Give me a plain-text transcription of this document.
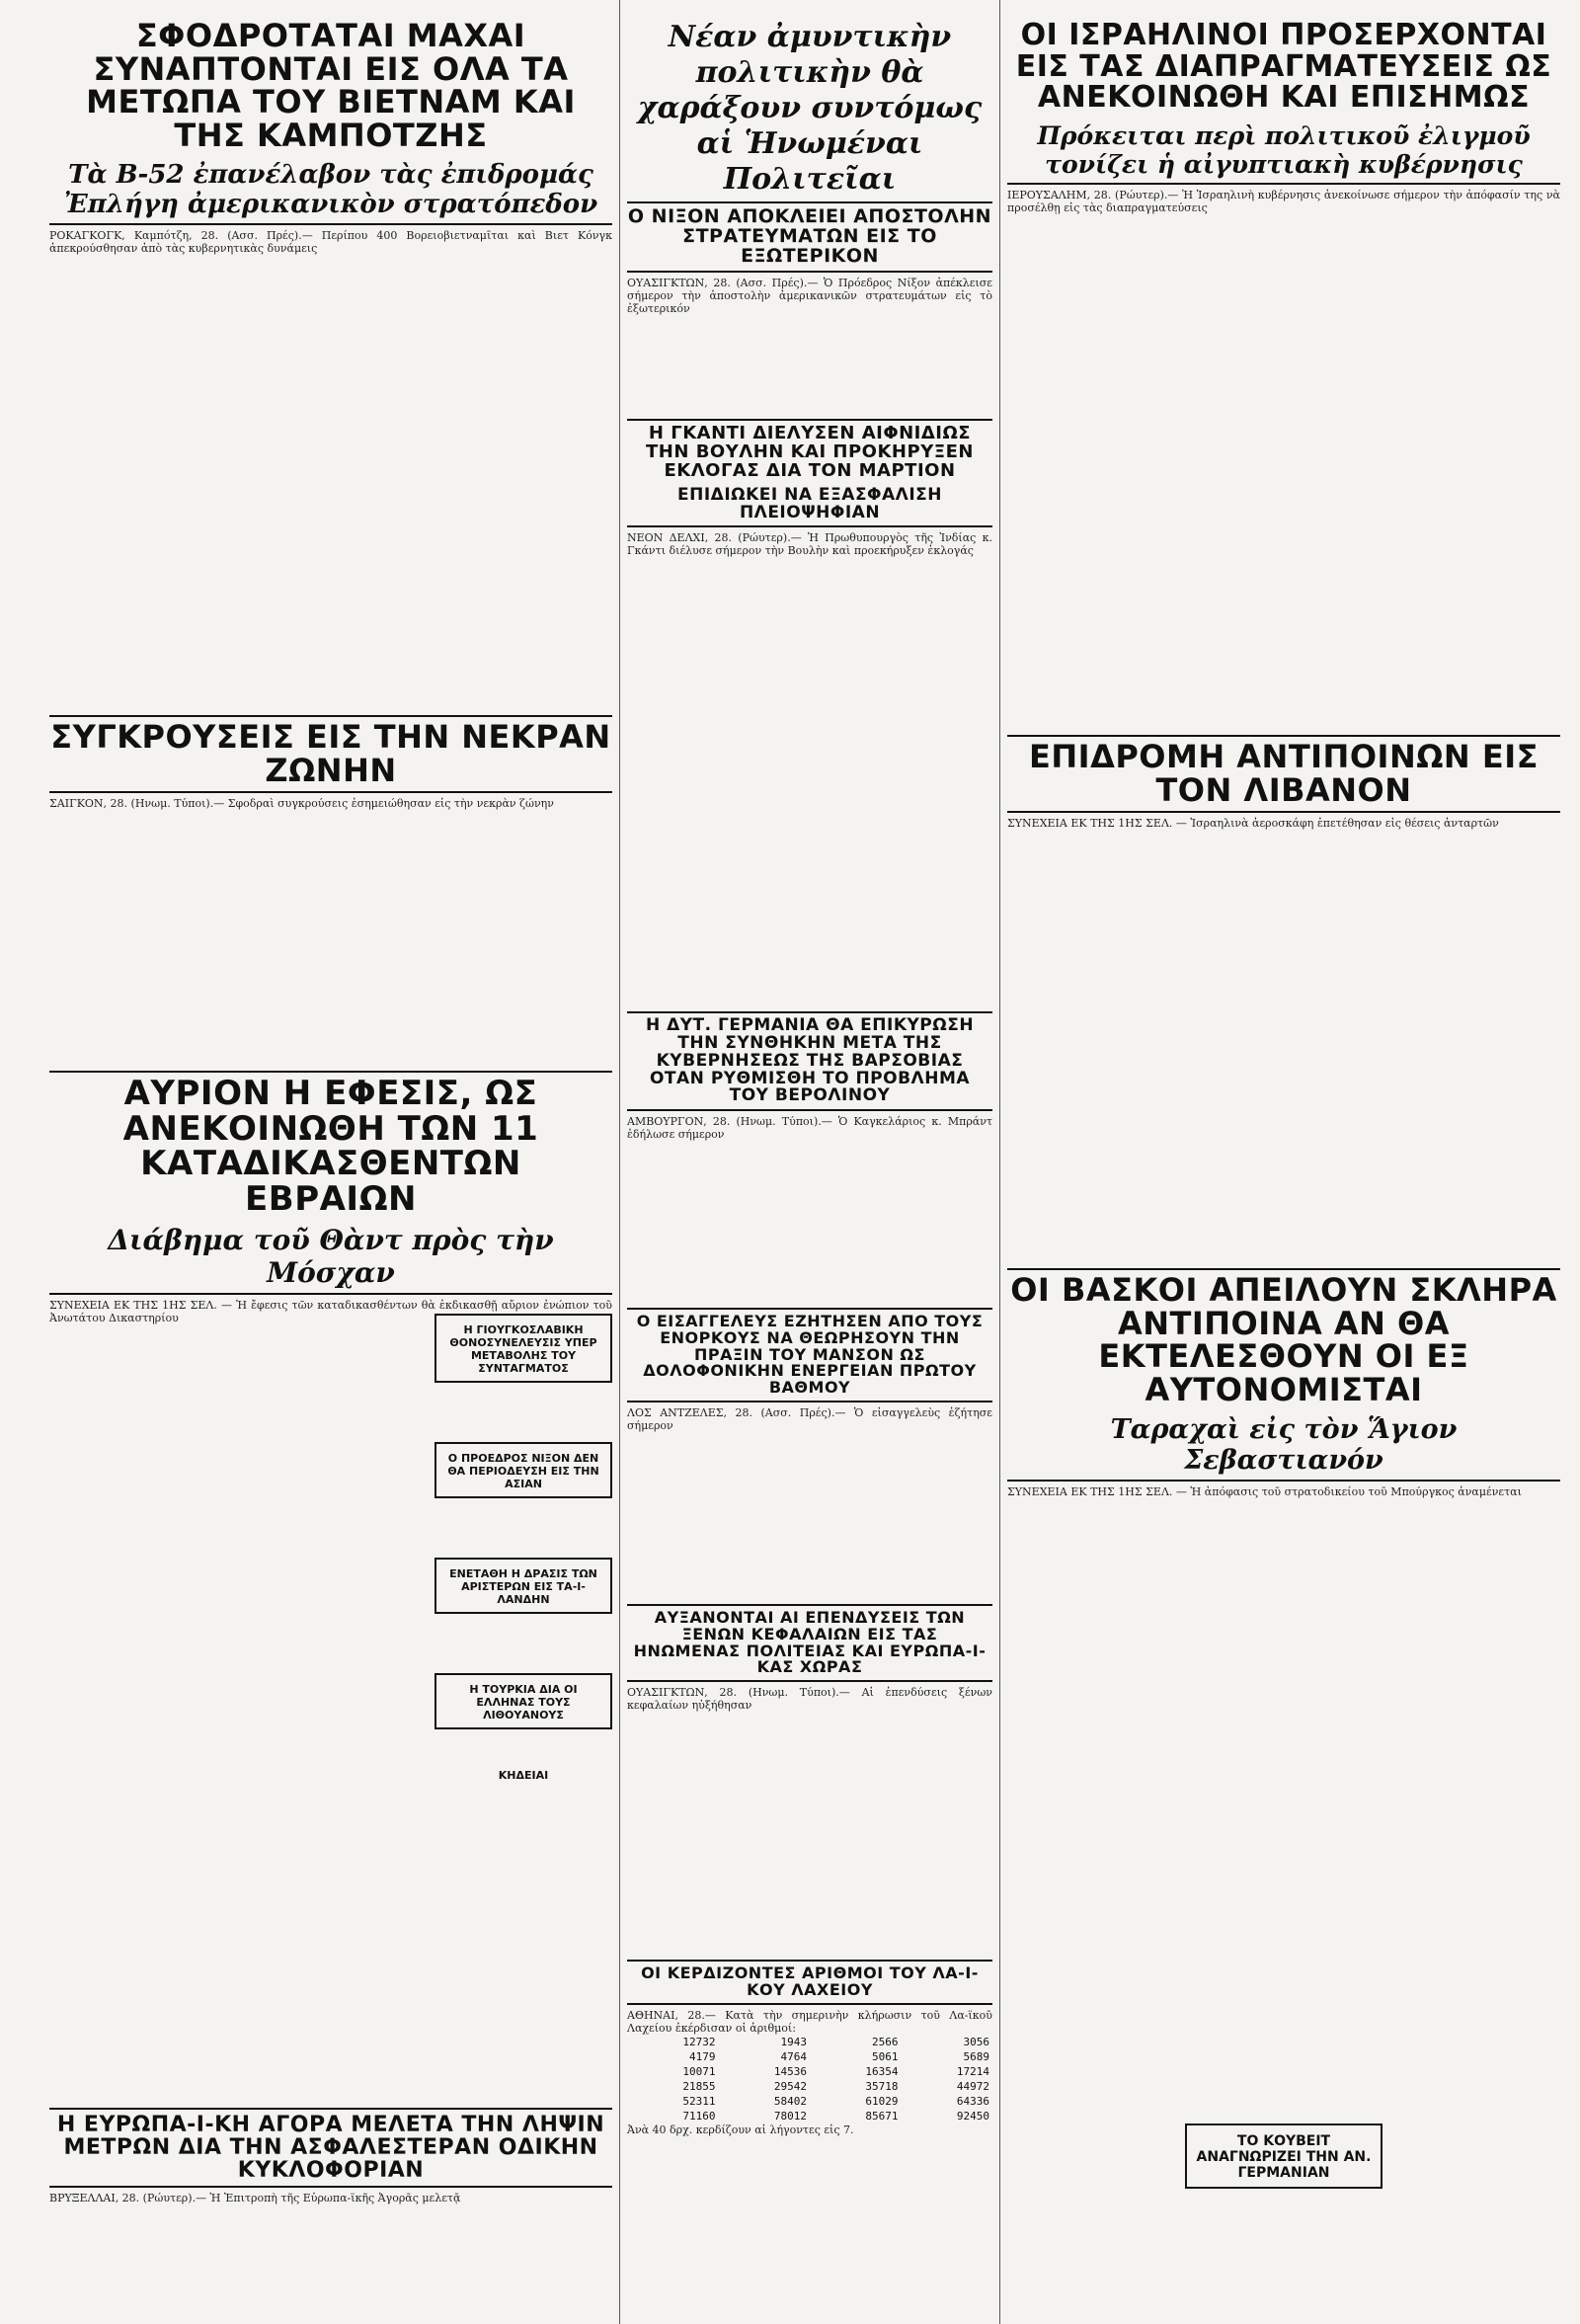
ΣΦΟΔΡΟΤΑΤΑΙ ΜΑΧΑΙ ΣΥΝΑΠΤΟΝΤΑΙ ΕΙΣ ΟΛΑ ΤΑ ΜΕΤΩΠΑ ΤΟΥ ΒΙΕΤΝΑΜ ΚΑΙ ΤΗΣ ΚΑΜΠΟΤΖΗΣ
Τὰ Β-52 ἐπανέλαβον τὰς ἐπιδρομάς Ἐπλήγη ἀμερικανικὸν στρατόπεδον

ΡΟΚΑΓΚΟΓΚ, Καμπότζη, 28. (Ασσ. Πρές).— Περίπου 400 Βορειοβιετναμῖται καὶ Βιετ Κόνγκ ἀπεκρούσθησαν ἀπὸ τὰς κυβερνητικὰς δυνάμεις

ΣΥΓΚΡΟΥΣΕΙΣ ΕΙΣ ΤΗΝ ΝΕΚΡΑΝ ΖΩΝΗΝ

ΣΑΙΓΚΟΝ, 28. (Ηνωμ. Τύποι).— Σφοδραὶ συγκρούσεις ἐσημειώθησαν εἰς τὴν νεκρὰν ζώνην

ΑΥΡΙΟΝ Η ΕΦΕΣΙΣ, ΩΣ ΑΝΕΚΟΙΝΩΘΗ ΤΩΝ 11 ΚΑΤΑΔΙΚΑΣΘΕΝΤΩΝ ΕΒΡΑΙΩΝ
Διάβημα τοῦ Θὰντ πρὸς τὴν Μόσχαν

ΣΥΝΕΧΕΙΑ ΕΚ ΤΗΣ 1ΗΣ ΣΕΛ. — Ἡ ἔφεσις τῶν καταδικασθέντων θὰ ἐκδικασθῇ αὔριον ἐνώπιον τοῦ Ἀνωτάτου Δικαστηρίου

Η ΓΙΟΥΓΚΟΣΛΑΒΙΚΗ ΘΟΝΟΣΥΝΕΛΕΥΣΙΣ ΥΠΕΡ ΜΕΤΑΒΟΛΗΣ ΤΟΥ ΣΥΝΤΑΓΜΑΤΟΣ

Ο ΠΡΟΕΔΡΟΣ ΝΙΞΟΝ ΔΕΝ ΘΑ ΠΕΡΙΟΔΕΥΣΗ ΕΙΣ ΤΗΝ ΑΣΙΑΝ

ΕΝΕΤΑΘΗ Η ΔΡΑΣΙΣ ΤΩΝ ΑΡΙΣΤΕΡΩΝ ΕΙΣ ΤΑ-Ι-ΛΑΝΔΗΝ

Η ΤΟΥΡΚΙΑ ΔΙΑ ΟΙ ΕΛΛΗΝΑΣ ΤΟΥΣ ΛΙΘΟΥΑΝΟΥΣ

ΚΗΔΕΙΑΙ

Η ΕΥΡΩΠΑ-Ι-ΚΗ ΑΓΟΡΑ ΜΕΛΕΤΑ ΤΗΝ ΛΗΨΙΝ ΜΕΤΡΩΝ ΔΙΑ ΤΗΝ ΑΣΦΑΛΕΣΤΕΡΑΝ ΟΔΙΚΗΝ ΚΥΚΛΟΦΟΡΙΑΝ

ΒΡΥΞΕΛΛΑΙ, 28. (Ρώυτερ).— Ἡ Ἐπιτροπὴ τῆς Εὐρωπα-ϊκῆς Ἀγορᾶς μελετᾷ

Νέαν ἀμυντικὴν πολιτικὴν θὰ χαράξουν συντόμως αἱ Ἡνωμέναι Πολιτεῖαι
Ο ΝΙΞΟΝ ΑΠΟΚΛΕΙΕΙ ΑΠΟΣΤΟΛΗΝ ΣΤΡΑΤΕΥΜΑΤΩΝ ΕΙΣ ΤΟ ΕΞΩΤΕΡΙΚΟΝ

ΟΥΑΣΙΓΚΤΩΝ, 28. (Ασσ. Πρές).— Ὁ Πρόεδρος Νίξον ἀπέκλεισε σήμερον τὴν ἀποστολὴν ἀμερικανικῶν στρατευμάτων εἰς τὸ ἐξωτερικόν

Η ΓΚΑΝΤΙ ΔΙΕΛΥΣΕΝ ΑΙΦΝΙΔΙΩΣ ΤΗΝ ΒΟΥΛΗΝ ΚΑΙ ΠΡΟΚΗΡΥΞΕΝ ΕΚΛΟΓΑΣ ΔΙΑ ΤΟΝ ΜΑΡΤΙΟΝ
ΕΠΙΔΙΩΚΕΙ ΝΑ ΕΞΑΣΦΑΛΙΣΗ ΠΛΕΙΟΨΗΦΙΑΝ

ΝΕΟΝ ΔΕΛΧΙ, 28. (Ρώυτερ).— Ἡ Πρωθυπουργὸς τῆς Ἰνδίας κ. Γκάντι διέλυσε σήμερον τὴν Βουλὴν καὶ προεκήρυξεν ἐκλογάς

Η ΔΥΤ. ΓΕΡΜΑΝΙΑ ΘΑ ΕΠΙΚΥΡΩΣΗ ΤΗΝ ΣΥΝΘΗΚΗΝ ΜΕΤΑ ΤΗΣ ΚΥΒΕΡΝΗΣΕΩΣ ΤΗΣ ΒΑΡΣΟΒΙΑΣ ΟΤΑΝ ΡΥΘΜΙΣΘΗ ΤΟ ΠΡΟΒΛΗΜΑ ΤΟΥ ΒΕΡΟΛΙΝΟΥ

ΑΜΒΟΥΡΓΟΝ, 28. (Ηνωμ. Τύποι).— Ὁ Καγκελάριος κ. Μπράντ ἐδήλωσε σήμερον

Ο ΕΙΣΑΓΓΕΛΕΥΣ ΕΖΗΤΗΣΕΝ ΑΠΟ ΤΟΥΣ ΕΝΟΡΚΟΥΣ ΝΑ ΘΕΩΡΗΣΟΥΝ ΤΗΝ ΠΡΑΞΙΝ ΤΟΥ ΜΑΝΣΟΝ ΩΣ ΔΟΛΟΦΟΝΙΚΗΝ ΕΝΕΡΓΕΙΑΝ ΠΡΩΤΟΥ ΒΑΘΜΟΥ

ΛΟΣ ΑΝΤΖΕΛΕΣ, 28. (Ασσ. Πρές).— Ὁ εἰσαγγελεὺς ἐζήτησε σήμερον

ΑΥΞΑΝΟΝΤΑΙ ΑΙ ΕΠΕΝΔΥΣΕΙΣ ΤΩΝ ΞΕΝΩΝ ΚΕΦΑΛΑΙΩΝ ΕΙΣ ΤΑΣ ΗΝΩΜΕΝΑΣ ΠΟΛΙΤΕΙΑΣ ΚΑΙ ΕΥΡΩΠΑ-Ι-ΚΑΣ ΧΩΡΑΣ

ΟΥΑΣΙΓΚΤΩΝ, 28. (Ηνωμ. Τύποι).— Αἱ ἐπενδύσεις ξένων κεφαλαίων ηὐξήθησαν

ΟΙ ΚΕΡΔΙΖΟΝΤΕΣ ΑΡΙΘΜΟΙ ΤΟΥ ΛΑ-Ι-ΚΟΥ ΛΑΧΕΙΟΥ

ΑΘΗΝΑΙ, 28.— Κατὰ τὴν σημερινὴν κλήρωσιν τοῦ Λα-ϊκοῦ Λαχείου ἐκέρδισαν οἱ ἀριθμοί:

12732	1943	2566	3056
4179	4764	5061	5689
10071	14536	16354	17214
21855	29542	35718	44972
52311	58402	61029	64336
71160	78012	85671	92450

Ἀνὰ 40 δρχ. κερδίζουν αἱ λήγοντες εἰς 7.

ΟΙ ΙΣΡΑΗΛΙΝΟΙ ΠΡΟΣΕΡΧΟΝΤΑΙ ΕΙΣ ΤΑΣ ΔΙΑΠΡΑΓΜΑΤΕΥΣΕΙΣ ΩΣ ΑΝΕΚΟΙΝΩΘΗ ΚΑΙ ΕΠΙΣΗΜΩΣ
Πρόκειται περὶ πολιτικοῦ ἐλιγμοῦ τονίζει ἡ αἰγυπτιακὴ κυβέρνησις

ΙΕΡΟΥΣΑΛΗΜ, 28. (Ρώυτερ).— Ἡ Ἰσραηλινὴ κυβέρνησις ἀνεκοίνωσε σήμερον τὴν ἀπόφασίν της νὰ προσέλθῃ εἰς τὰς διαπραγματεύσεις

ΕΠΙΔΡΟΜΗ ΑΝΤΙΠΟΙΝΩΝ ΕΙΣ ΤΟΝ ΛΙΒΑΝΟΝ

ΣΥΝΕΧΕΙΑ ΕΚ ΤΗΣ 1ΗΣ ΣΕΛ. — Ἰσραηλινὰ ἀεροσκάφη ἐπετέθησαν εἰς θέσεις ἀνταρτῶν

ΟΙ ΒΑΣΚΟΙ ΑΠΕΙΛΟΥΝ ΣΚΛΗΡΑ ΑΝΤΙΠΟΙΝΑ ΑΝ ΘΑ ΕΚΤΕΛΕΣΘΟΥΝ ΟΙ ΕΞ ΑΥΤΟΝΟΜΙΣΤΑΙ
Ταραχαὶ εἰς τὸν Ἅγιον Σεβαστιανόν

ΣΥΝΕΧΕΙΑ ΕΚ ΤΗΣ 1ΗΣ ΣΕΛ. — Ἡ ἀπόφασις τοῦ στρατοδικείου τοῦ Μπούργκος ἀναμένεται

ΤΟ ΚΟΥΒΕΙΤ ΑΝΑΓΝΩΡΙΖΕΙ ΤΗΝ ΑΝ. ΓΕΡΜΑΝΙΑΝ
